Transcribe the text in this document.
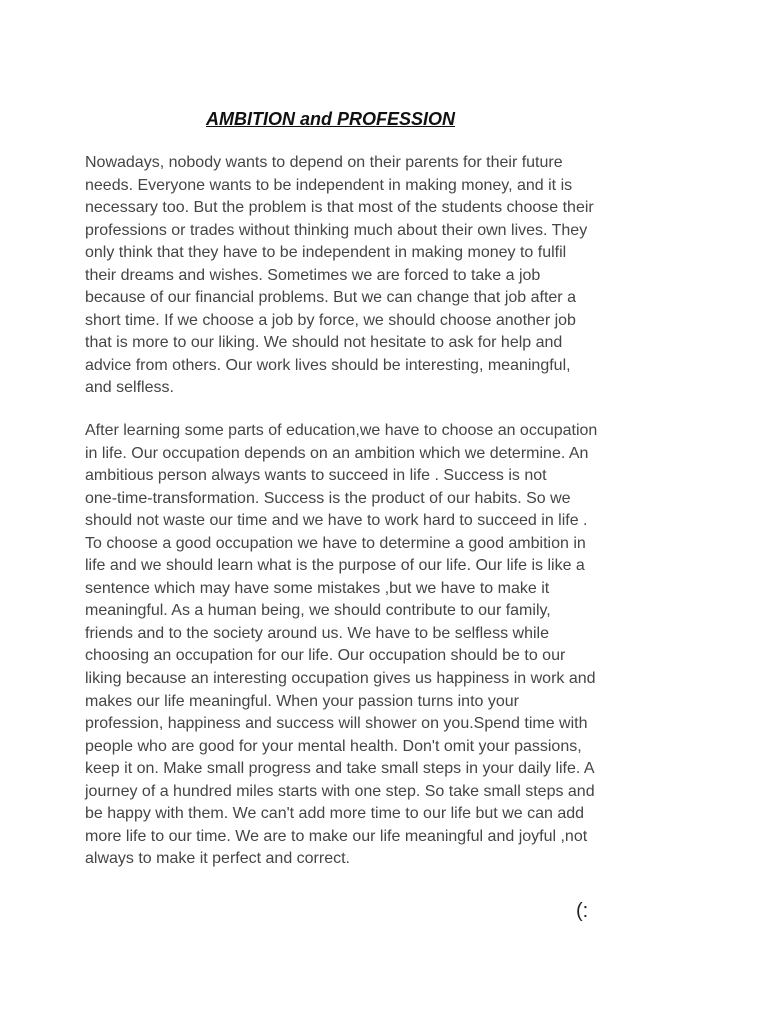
AMBITION and PROFESSION

Nowadays, nobody wants to depend on their parents for their future
needs. Everyone wants to be independent in making money, and it is
necessary too. But the problem is that most of the students choose their
professions or trades without thinking much about their own lives. They
only think that they have to be independent in making money to fulfil
their dreams and wishes. Sometimes we are forced to take a job
because of our financial problems. But we can change that job after a
short time. If we choose a job by force, we should choose another job
that is more to our liking. We should not hesitate to ask for help and
advice from others. Our work lives should be interesting, meaningful,
and selfless.

After learning some parts of education,we have to choose an occupation
in life. Our occupation depends on an ambition which we determine. An
ambitious person always wants to succeed in life . Success is not
one-time-transformation. Success is the product of our habits. So we
should not waste our time and we have to work hard to succeed in life .
To choose a good occupation we have to determine a good ambition in
life and we should learn what is the purpose of our life. Our life is like a
sentence which may have some mistakes ,but we have to make it
meaningful. As a human being, we should contribute to our family,
friends and to the society around us. We have to be selfless while
choosing an occupation for our life. Our occupation should be to our
liking because an interesting occupation gives us happiness in work and
makes our life meaningful. When your passion turns into your
profession, happiness and success will shower on you.Spend time with
people who are good for your mental health. Don't omit your passions,
keep it on. Make small progress and take small steps in your daily life. A
journey of a hundred miles starts with one step. So take small steps and
be happy with them. We can't add more time to our life but we can add
more life to our time. We are to make our life meaningful and joyful ,not
always to make it perfect and correct.

(:
